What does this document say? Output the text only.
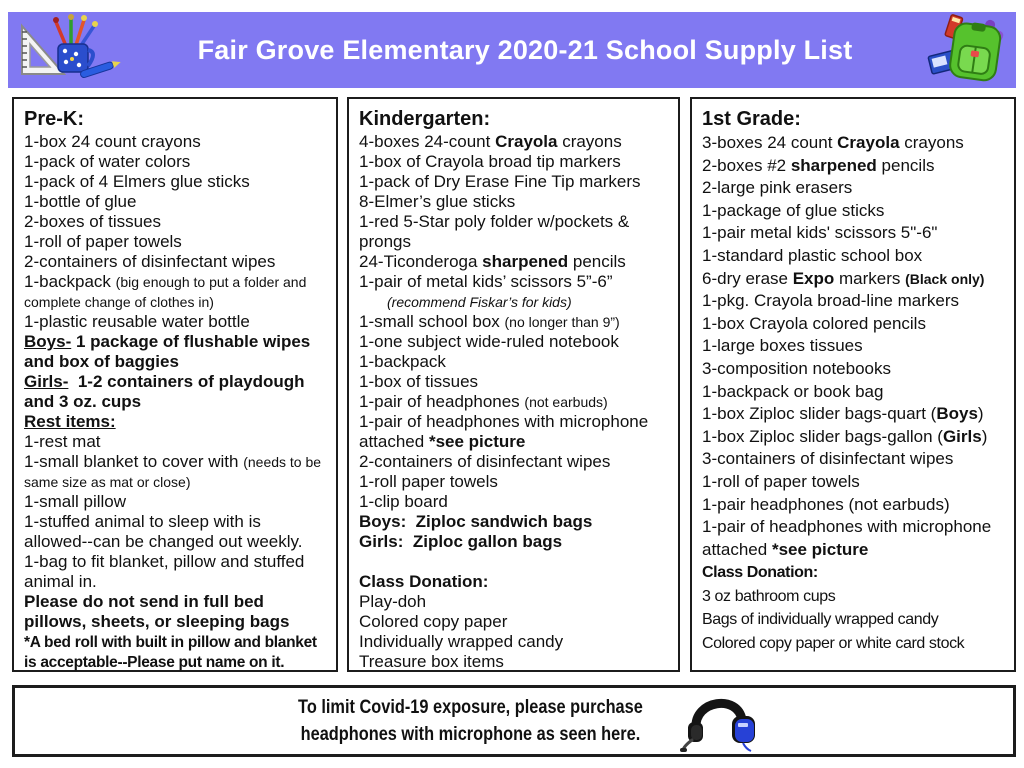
Fair Grove Elementary 2020-21 School Supply List
Pre-K:
1-box 24 count crayons
1-pack of water colors
1-pack of 4 Elmers glue sticks
1-bottle of glue
2-boxes of tissues
1-roll of paper towels
2-containers of disinfectant wipes
1-backpack (big enough to put a folder and complete change of clothes in)
1-plastic reusable water bottle
Boys- 1 package of flushable wipes and box of baggies
Girls-  1-2 containers of playdough and 3 oz. cups
Rest items:
1-rest mat
1-small blanket to cover with (needs to be same size as mat or close)
1-small pillow
1-stuffed animal to sleep with is allowed--can be changed out weekly.
1-bag to fit blanket, pillow and stuffed animal in.
Please do not send in full bed pillows, sheets, or sleeping bags
*A bed roll with built in pillow and blanket is acceptable--Please put name on it.
Kindergarten:
4-boxes 24-count Crayola crayons
1-box of Crayola broad tip markers
1-pack of Dry Erase Fine Tip markers
8-Elmer’s glue sticks
1-red 5-Star poly folder w/pockets & prongs
24-Ticonderoga sharpened pencils
1-pair of metal kids’ scissors 5”-6”
(recommend Fiskar’s for kids)
1-small school box (no longer than 9”)
1-one subject wide-ruled notebook
1-backpack
1-box of tissues
1-pair of headphones (not earbuds)
1-pair of headphones with microphone attached *see picture
2-containers of disinfectant wipes
1-roll paper towels
1-clip board
Boys:  Ziploc sandwich bags
Girls:  Ziploc gallon bags
Class Donation:
Play-doh
Colored copy paper
Individually wrapped candy
Treasure box items
1st Grade:
3-boxes 24 count Crayola crayons
2-boxes #2 sharpened pencils
2-large pink erasers
1-package of glue sticks
1-pair metal kids' scissors 5"-6"
1-standard plastic school box
6-dry erase Expo markers (Black only)
1-pkg. Crayola broad-line markers
1-box Crayola colored pencils
1-large boxes tissues
3-composition notebooks
1-backpack or book bag
1-box Ziploc slider bags-quart (Boys)
1-box Ziploc slider bags-gallon (Girls)
3-containers of disinfectant wipes
1-roll of paper towels
1-pair headphones (not earbuds)
1-pair of headphones with microphone attached *see picture
Class Donation:
3 oz bathroom cups
Bags of individually wrapped candy
Colored copy paper or white card stock
To limit Covid-19 exposure, please purchase
headphones with microphone as seen here.
